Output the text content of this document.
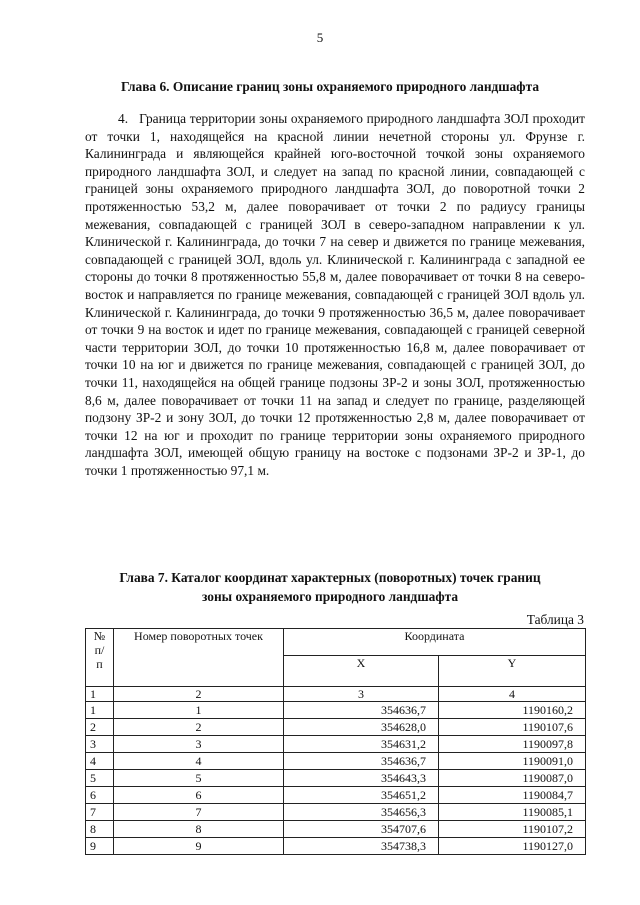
5
Глава 6. Описание границ зоны охраняемого природного ландшафта

4.   Граница территории зоны охраняемого природного ландшафта ЗОЛ проходит от точки 1, находящейся на красной линии нечетной стороны ул. Фрунзе г. Калининграда и являющейся крайней юго-восточной точкой зоны охраняемого природного ландшафта ЗОЛ, и следует на запад по красной линии, совпадающей с границей зоны охраняемого природного ландшафта ЗОЛ, до поворотной точки 2 протяженностью 53,2 м, далее поворачивает от точки 2 по радиусу границы межевания, совпадающей с границей ЗОЛ в северо-западном направлении к ул. Клинической г. Калининграда, до точки 7 на север и движется по границе межевания, совпадающей с границей ЗОЛ, вдоль ул. Клинической г. Калининграда с западной ее стороны до точки 8 протяженностью 55,8 м, далее поворачивает от точки 8 на северо-восток и направляется по границе межевания, совпадающей с границей ЗОЛ вдоль ул. Клинической г. Калининграда, до точки 9 протяженностью 36,5 м, далее поворачивает от точки 9 на восток и идет по границе межевания, совпадающей с границей северной части территории ЗОЛ, до точки 10 протяженностью 16,8 м, далее поворачивает от точки 10 на юг и движется по границе межевания, совпадающей с границей ЗОЛ, до точки 11, находящейся на общей границе подзоны ЗР-2 и зоны ЗОЛ, протяженностью 8,6 м, далее поворачивает от точки 11 на запад и следует по границе, разделяющей подзону ЗР-2 и зону ЗОЛ, до точки 12 протяженностью 2,8 м, далее поворачивает от точки 12 на юг и проходит по границе территории зоны охраняемого природного ландшафта ЗОЛ, имеющей общую границу на востоке с подзонами ЗР-2 и ЗР-1, до точки 1 протяженностью 97,1 м.

Глава 7. Каталог координат характерных (поворотных) точек границ
зоны охраняемого природного ландшафта
Таблица 3
№ п/п	Номер поворотных точек	Координата	
		X	Y
1	2	3	4
1	1	354636,7	1190160,2
2	2	354628,0	1190107,6
3	3	354631,2	1190097,8
4	4	354636,7	1190091,0
5	5	354643,3	1190087,0
6	6	354651,2	1190084,7
7	7	354656,3	1190085,1
8	8	354707,6	1190107,2
9	9	354738,3	1190127,0
